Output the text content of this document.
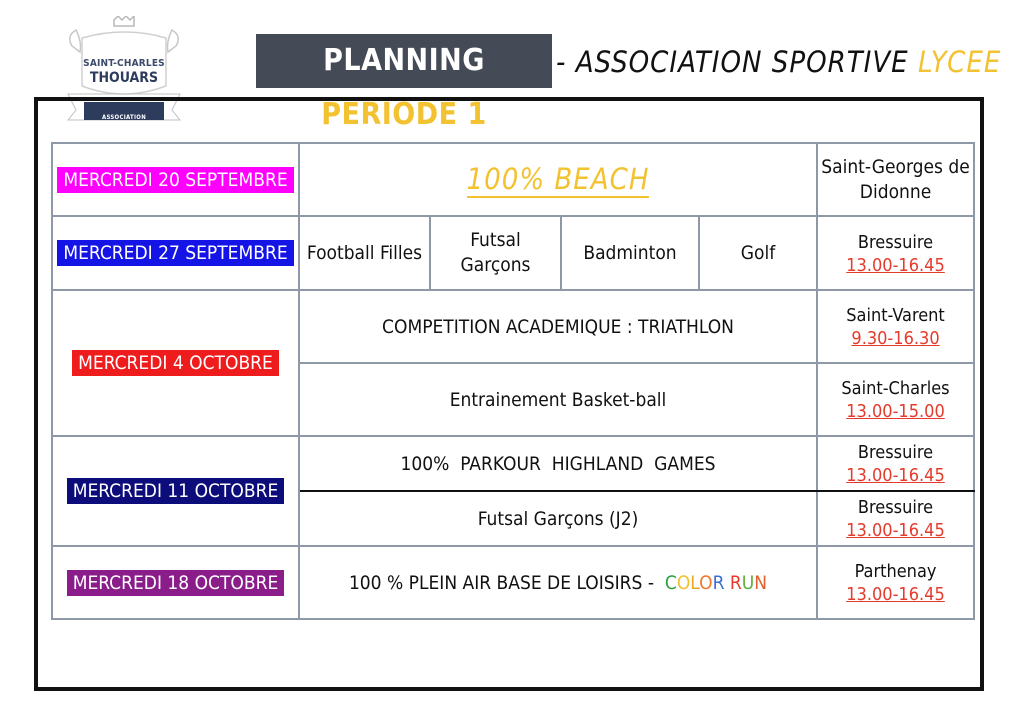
SAINT-CHARLES
THOUARS
ASSOCIATION SPORTIVE
PLANNING PERIODE 1
- ASSOCIATION SPORTIVE LYCEE
MERCREDI 20 SEPTEMBRE	100% BEACH				Saint-Georges de Didonne

MERCREDI 27 SEPTEMBRE	Football Filles	Futsal Garçons	Badminton	Golf	Bressuire
13.00-16.45

MERCREDI 4 OCTOBRE	COMPETITION ACADEMIQUE : TRIATHLON				Saint-Varent
9.30-16.30

	Entrainement Basket-ball				Saint-Charles
13.00-15.00

MERCREDI 11 OCTOBRE	100%  PARKOUR  HIGHLAND  GAMES				Bressuire
13.00-16.45

	Futsal Garçons (J2)				Bressuire
13.00-16.45

MERCREDI 18 OCTOBRE	100 % PLEIN AIR BASE DE LOISIRS -  COLOR RUN				Parthenay
13.00-16.45
